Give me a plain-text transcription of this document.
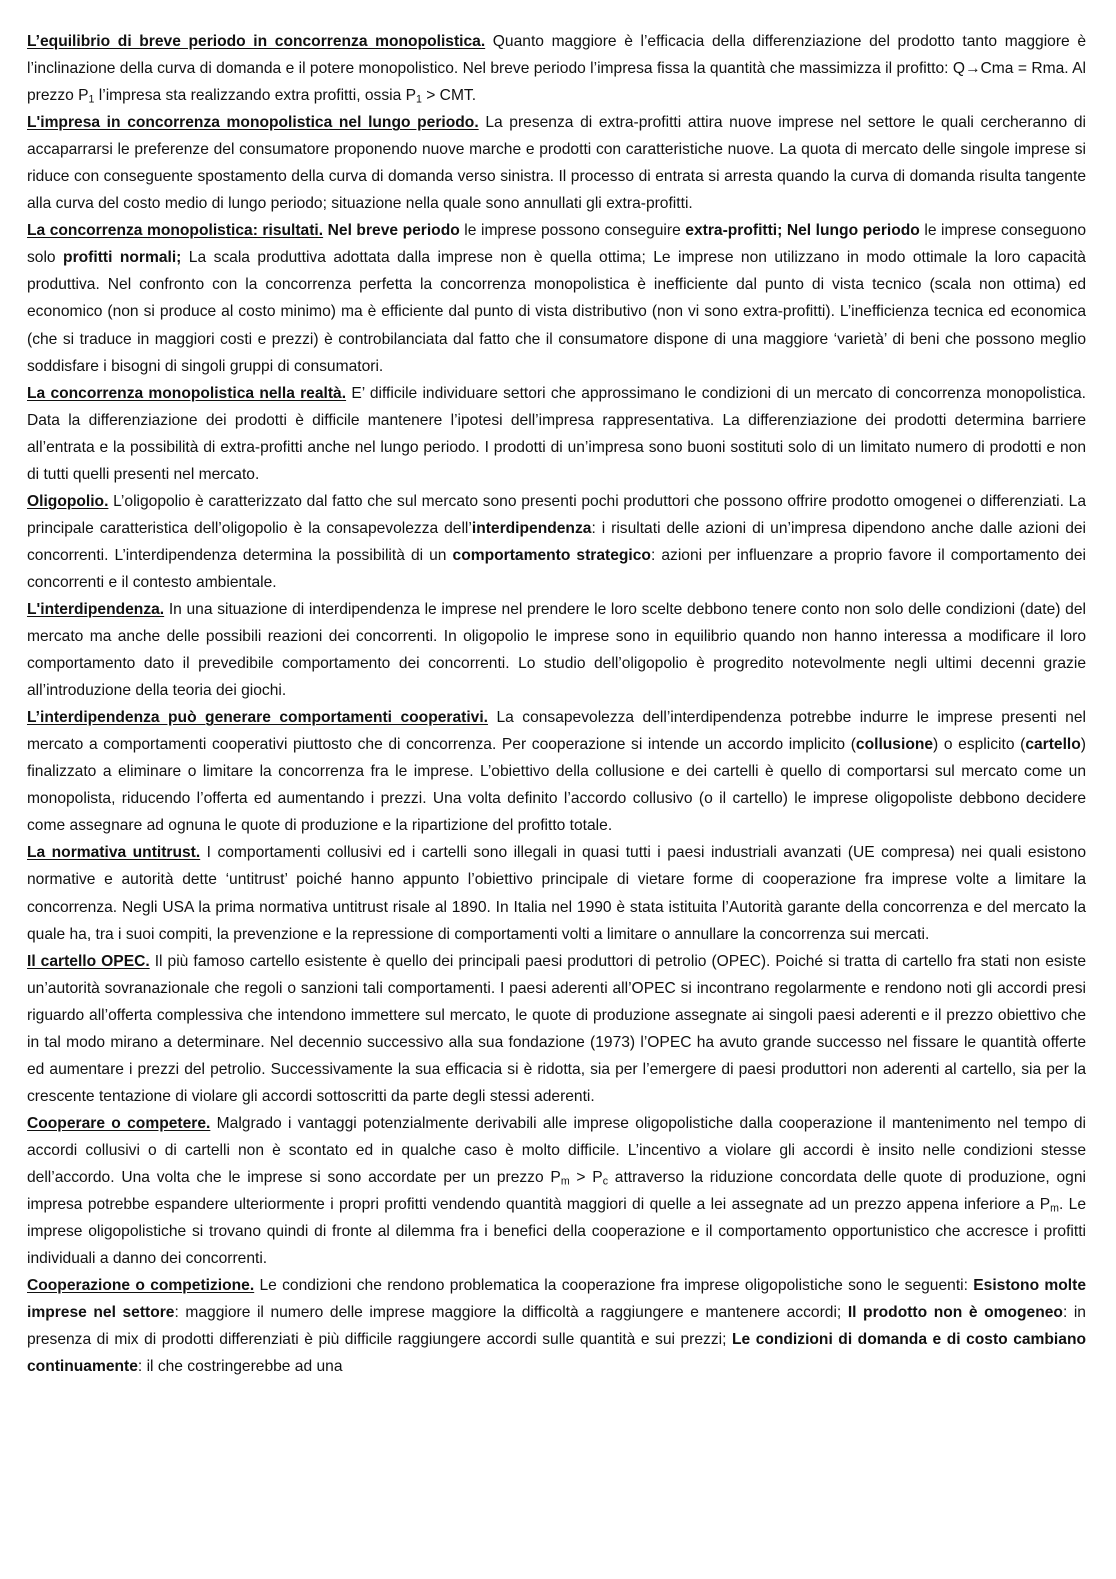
L’equilibrio di breve periodo in concorrenza monopolistica. Quanto maggiore è l’efficacia della differenziazione del prodotto tanto maggiore è l’inclinazione della curva di domanda e il potere monopolistico. Nel breve periodo l’impresa fissa la quantità che massimizza il profitto: Q→Cma = Rma. Al prezzo $P_1$ l’impresa sta realizzando extra profitti, ossia $P_1$ > CMT.

L'impresa in concorrenza monopolistica nel lungo periodo. La presenza di extra-profitti attira nuove imprese nel settore le quali cercheranno di accaparrarsi le preferenze del consumatore proponendo nuove marche e prodotti con caratteristiche nuove. La quota di mercato delle singole imprese si riduce con conseguente spostamento della curva di domanda verso sinistra. Il processo di entrata si arresta quando la curva di domanda risulta tangente alla curva del costo medio di lungo periodo; situazione nella quale sono annullati gli extra-profitti.

La concorrenza monopolistica: risultati. Nel breve periodo le imprese possono conseguire extra-profitti; Nel lungo periodo le imprese conseguono solo profitti normali; La scala produttiva adottata dalla imprese non è quella ottima; Le imprese non utilizzano in modo ottimale la loro capacità produttiva. Nel confronto con la concorrenza perfetta la concorrenza monopolistica è inefficiente dal punto di vista tecnico (scala non ottima) ed economico (non si produce al costo minimo) ma è efficiente dal punto di vista distributivo (non vi sono extra-profitti). L’inefficienza tecnica ed economica (che si traduce in maggiori costi e prezzi) è controbilanciata dal fatto che il consumatore dispone di una maggiore ‘varietà’ di beni che possono meglio soddisfare i bisogni di singoli gruppi di consumatori.

La concorrenza monopolistica nella realtà. E’ difficile individuare settori che approssimano le condizioni di un mercato di concorrenza monopolistica. Data la differenziazione dei prodotti è difficile mantenere l’ipotesi dell’impresa rappresentativa. La differenziazione dei prodotti determina barriere all’entrata e la possibilità di extra-profitti anche nel lungo periodo. I prodotti di un’impresa sono buoni sostituti solo di un limitato numero di prodotti e non di tutti quelli presenti nel mercato.

Oligopolio. L’oligopolio è caratterizzato dal fatto che sul mercato sono presenti pochi produttori che possono offrire prodotto omogenei o differenziati. La principale caratteristica dell’oligopolio è la consapevolezza dell’interdipendenza: i risultati delle azioni di un’impresa dipendono anche dalle azioni dei concorrenti. L’interdipendenza determina la possibilità di un comportamento strategico: azioni per influenzare a proprio favore il comportamento dei concorrenti e il contesto ambientale.

L'interdipendenza. In una situazione di interdipendenza le imprese nel prendere le loro scelte debbono tenere conto non solo delle condizioni (date) del mercato ma anche delle possibili reazioni dei concorrenti. In oligopolio le imprese sono in equilibrio quando non hanno interessa a modificare il loro comportamento dato il prevedibile comportamento dei concorrenti. Lo studio dell’oligopolio è progredito notevolmente negli ultimi decenni grazie all’introduzione della teoria dei giochi.

L’interdipendenza può generare comportamenti cooperativi. La consapevolezza dell’interdipendenza potrebbe indurre le imprese presenti nel mercato a comportamenti cooperativi piuttosto che di concorrenza. Per cooperazione si intende un accordo implicito (collusione) o esplicito (cartello) finalizzato a eliminare o limitare la concorrenza fra le imprese. L’obiettivo della collusione e dei cartelli è quello di comportarsi sul mercato come un monopolista, riducendo l’offerta ed aumentando i prezzi. Una volta definito l’accordo collusivo (o il cartello) le imprese oligopoliste debbono decidere come assegnare ad ognuna le quote di produzione e la ripartizione del profitto totale.

La normativa untitrust. I comportamenti collusivi ed i cartelli sono illegali in quasi tutti i paesi industriali avanzati (UE compresa) nei quali esistono normative e autorità dette ‘untitrust’ poiché hanno appunto l’obiettivo principale di vietare forme di cooperazione fra imprese volte a limitare la concorrenza. Negli USA la prima normativa untitrust risale al 1890. In Italia nel 1990 è stata istituita l’Autorità garante della concorrenza e del mercato la quale ha, tra i suoi compiti, la prevenzione e la repressione di comportamenti volti a limitare o annullare la concorrenza sui mercati.

Il cartello OPEC. Il più famoso cartello esistente è quello dei principali paesi produttori di petrolio (OPEC). Poiché si tratta di cartello fra stati non esiste un’autorità sovranazionale che regoli o sanzioni tali comportamenti. I paesi aderenti all’OPEC si incontrano regolarmente e rendono noti gli accordi presi riguardo all’offerta complessiva che intendono immettere sul mercato, le quote di produzione assegnate ai singoli paesi aderenti e il prezzo obiettivo che in tal modo mirano a determinare. Nel decennio successivo alla sua fondazione (1973) l’OPEC ha avuto grande successo nel fissare le quantità offerte ed aumentare i prezzi del petrolio. Successivamente la sua efficacia si è ridotta, sia per l’emergere di paesi produttori non aderenti al cartello, sia per la crescente tentazione di violare gli accordi sottoscritti da parte degli stessi aderenti.

Cooperare o competere. Malgrado i vantaggi potenzialmente derivabili alle imprese oligopolistiche dalla cooperazione il mantenimento nel tempo di accordi collusivi o di cartelli non è scontato ed in qualche caso è molto difficile. L’incentivo a violare gli accordi è insito nelle condizioni stesse dell’accordo. Una volta che le imprese si sono accordate per un prezzo $P_m > P_c$ attraverso la riduzione concordata delle quote di produzione, ogni impresa potrebbe espandere ulteriormente i propri profitti vendendo quantità maggiori di quelle a lei assegnate ad un prezzo appena inferiore a $P_m$. Le imprese oligopolistiche si trovano quindi di fronte al dilemma fra i benefici della cooperazione e il comportamento opportunistico che accresce i profitti individuali a danno dei concorrenti.

Cooperazione o competizione. Le condizioni che rendono problematica la cooperazione fra imprese oligopolistiche sono le seguenti: Esistono molte imprese nel settore: maggiore il numero delle imprese maggiore la difficoltà a raggiungere e mantenere accordi; Il prodotto non è omogeneo: in presenza di mix di prodotti differenziati è più difficile raggiungere accordi sulle quantità e sui prezzi; Le condizioni di domanda e di costo cambiano continuamente: il che costringerebbe ad una
